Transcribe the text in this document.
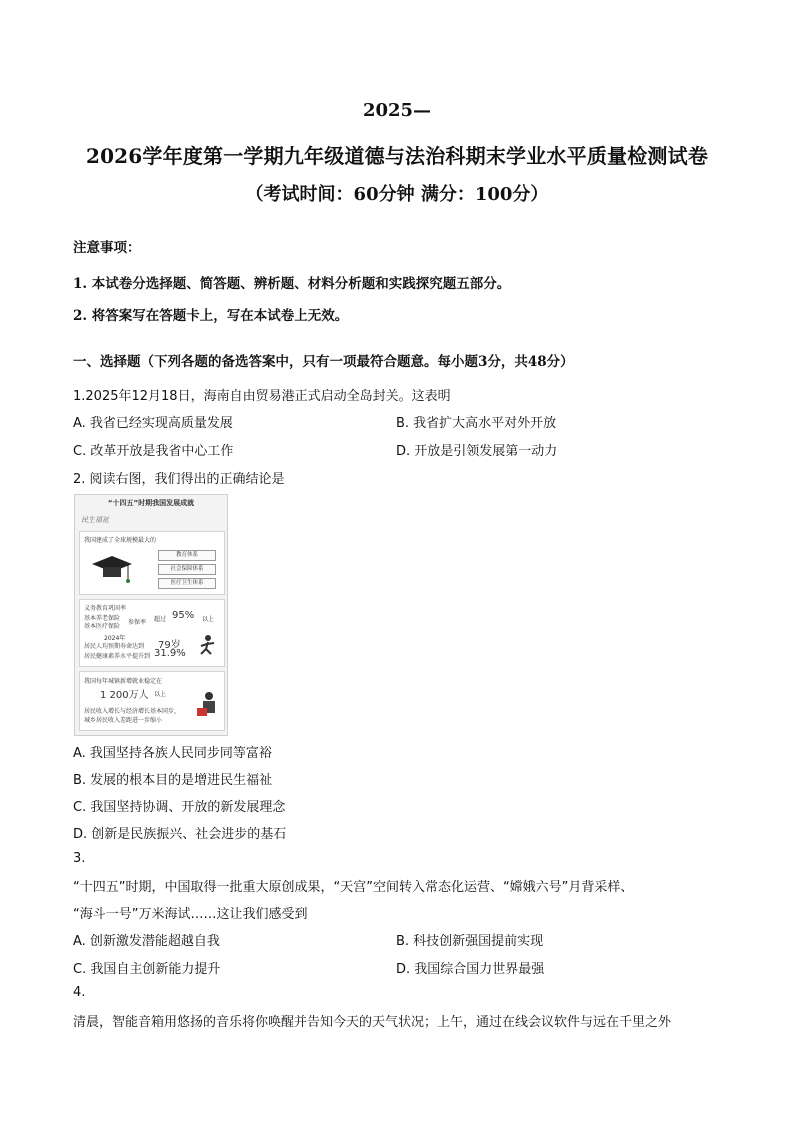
2025—
2026学年度第一学期九年级道德与法治科期末学业水平质量检测试卷
（考试时间：60分钟 满分：100分）
注意事项：
1. 本试卷分选择题、简答题、辨析题、材料分析题和实践探究题五部分。
2. 将答案写在答题卡上，写在本试卷上无效。
一、选择题（下列各题的备选答案中，只有一项最符合题意。每小题3分，共48分）
1.2025年12月18日，海南自由贸易港正式启动全岛封关。这表明
A. 我省已经实现高质量发展	B. 我省扩大高水平对外开放
C. 改革开放是我省中心工作	D. 开放是引领发展第一动力
2. 阅读右图，我们得出的正确结论是
“十四五”时期我国发展成就
民生福祉
我国建成了全球规模最大的
教育体系
社会保障体系
医疗卫生体系
义务教育巩固率
基本养老保险
基本医疗保险
参保率 超过 95% 以上
2024年
居民人均预期寿命达到 79岁
居民健康素养水平提升到 31.9%
我国每年城镇新增就业稳定在
1 200万人 以上
居民收入增长与经济增长基本同步，
城乡居民收入差距进一步缩小
A. 我国坚持各族人民同步同等富裕
B. 发展的根本目的是增进民生福祉
C. 我国坚持协调、开放的新发展理念
D. 创新是民族振兴、社会进步的基石
3.
“十四五”时期，中国取得一批重大原创成果，“天宫”空间转入常态化运营、“嫦娥六号”月背采样、
“海斗一号”万米海试……这让我们感受到
A. 创新激发潜能超越自我	B. 科技创新强国提前实现
C. 我国自主创新能力提升	D. 我国综合国力世界最强
4.
清晨，智能音箱用悠扬的音乐将你唤醒并告知今天的天气状况；上午，通过在线会议软件与远在千里之外
